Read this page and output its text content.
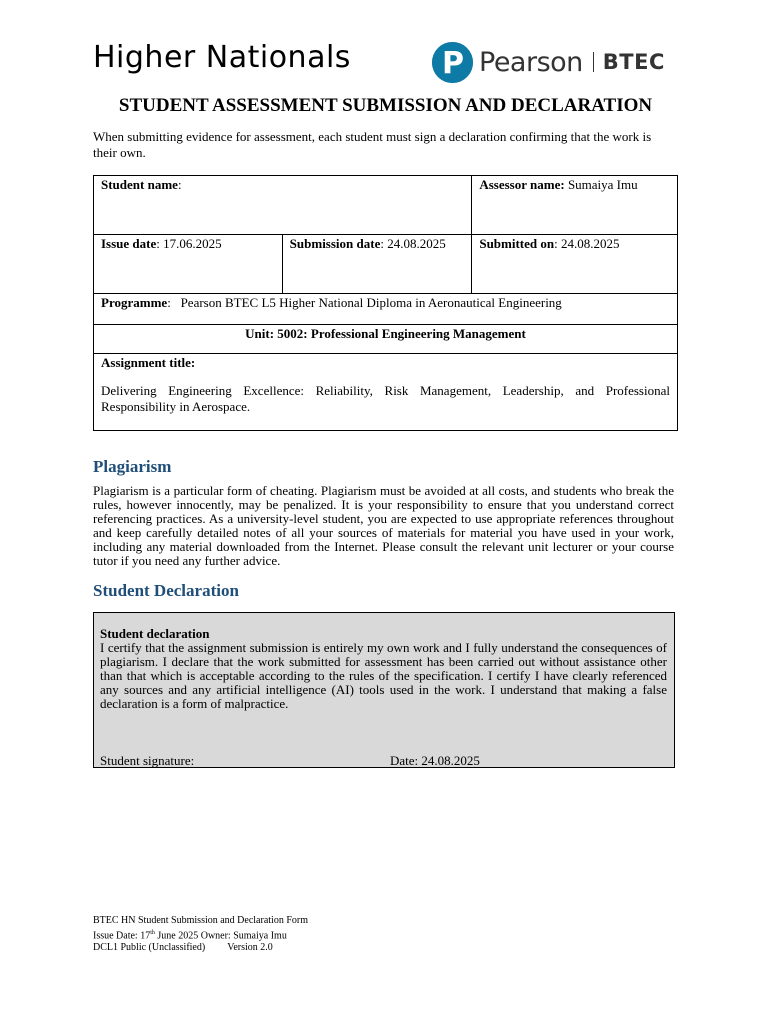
Higher Nationals	P Pearson BTEC
STUDENT ASSESSMENT SUBMISSION AND DECLARATION
When submitting evidence for assessment, each student must sign a declaration confirming that the work is their own.
Student name:		Assessor name: Sumaiya Imu
Issue date: 17.06.2025	Submission date: 24.08.2025	Submitted on: 24.08.2025
Programme:   Pearson BTEC L5 Higher National Diploma in Aeronautical Engineering		
Unit: 5002: Professional Engineering Management		

Assignment title:
Delivering Engineering Excellence: Reliability, Risk Management, Leadership, and Professional Responsibility in Aerospace.		
Plagiarism
Plagiarism is a particular form of cheating. Plagiarism must be avoided at all costs, and students who break the rules, however innocently, may be penalized. It is your responsibility to ensure that you understand correct referencing practices. As a university-level student, you are expected to use appropriate references throughout and keep carefully detailed notes of all your sources of materials for material you have used in your work, including any material downloaded from the Internet. Please consult the relevant unit lecturer or your course tutor if you need any further advice.
Student Declaration
Student declaration
I certify that the assignment submission is entirely my own work and I fully understand the consequences of plagiarism. I declare that the work submitted for assessment has been carried out without assistance other than that which is acceptable according to the rules of the specification. I certify I have clearly referenced any sources and any artificial intelligence (AI) tools used in the work. I understand that making a false declaration is a form of malpractice.
Student signature:	Date: 24.08.2025
BTEC HN Student Submission and Declaration Form
Issue Date: 17th June 2025 Owner: Sumaiya Imu
DCL1 Public (Unclassified) Version 2.0
